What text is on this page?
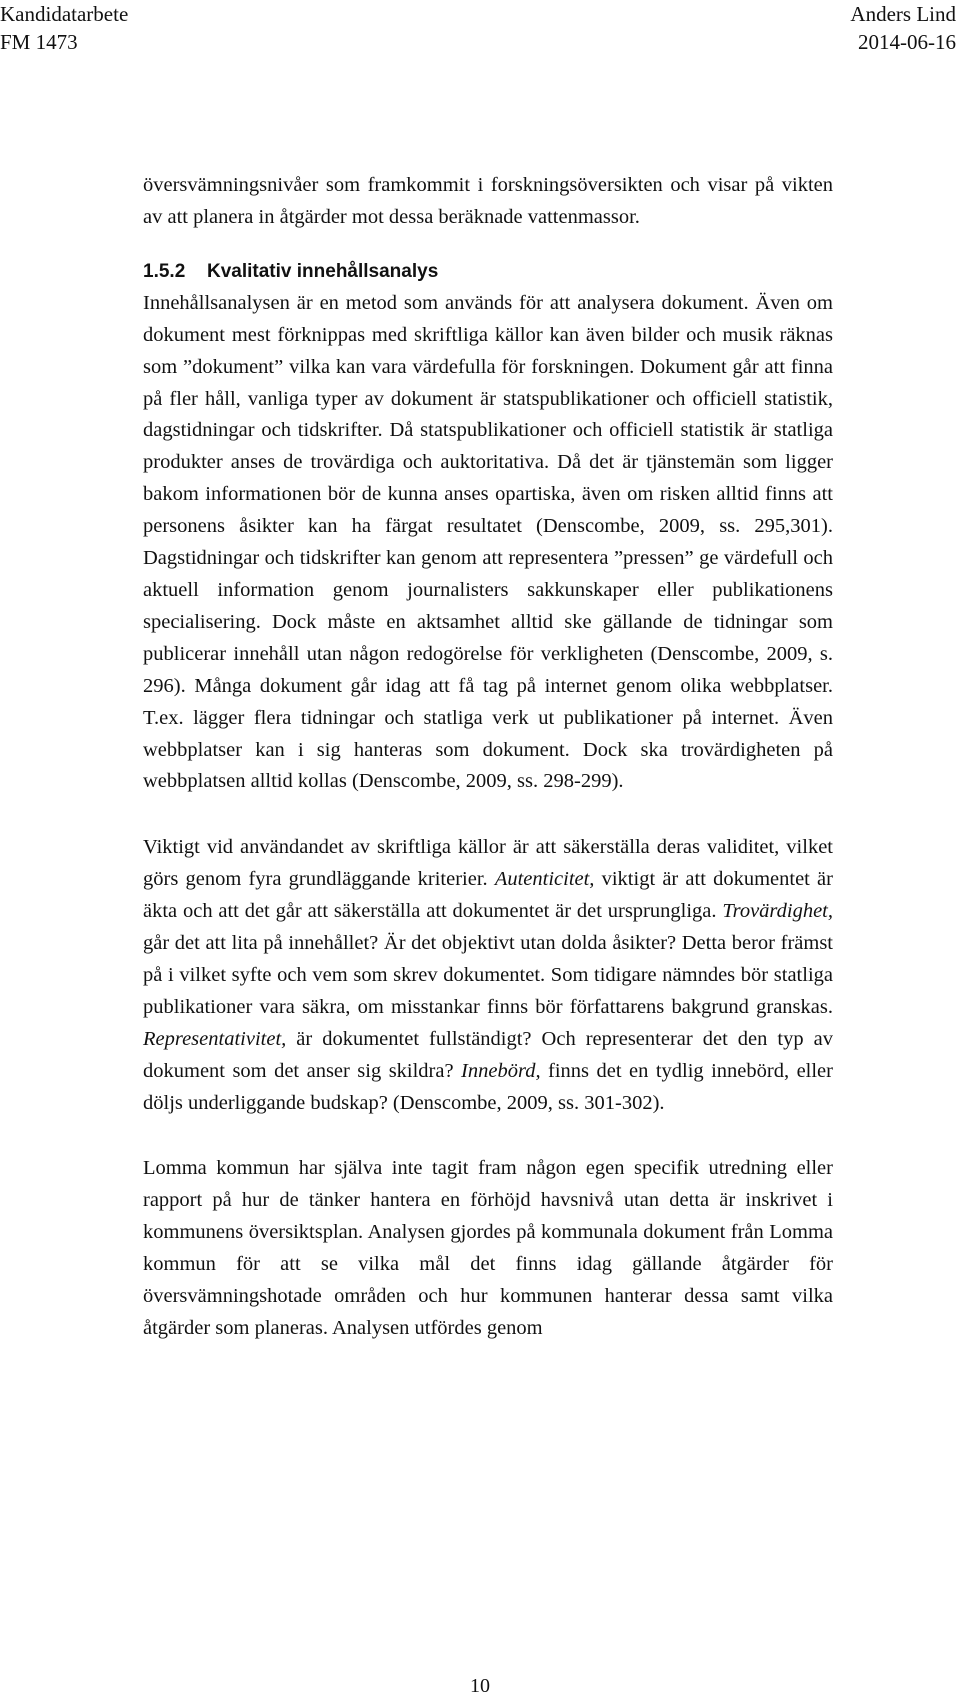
Kandidatarbete
FM 1473
Anders Lind
2014-06-16

översvämningsnivåer som framkommit i forskningsöversikten och visar på vikten av att planera in åtgärder mot dessa beräknade vattenmassor.

1.5.2	Kvalitativ innehållsanalys

Innehållsanalysen är en metod som används för att analysera dokument. Även om dokument mest förknippas med skriftliga källor kan även bilder och musik räknas som ”dokument” vilka kan vara värdefulla för forskningen. Dokument går att finna på fler håll, vanliga typer av dokument är statspublikationer och officiell statistik, dagstidningar och tidskrifter. Då statspublikationer och officiell statistik är statliga produkter anses de trovärdiga och auktoritativa. Då det är tjänstemän som ligger bakom informationen bör de kunna anses opartiska, även om risken alltid finns att personens åsikter kan ha färgat resultatet (Denscombe, 2009, ss. 295,301). Dagstidningar och tidskrifter kan genom att representera ”pressen” ge värdefull och aktuell information genom journalisters sakkunskaper eller publikationens specialisering. Dock måste en aktsamhet alltid ske gällande de tidningar som publicerar innehåll utan någon redogörelse för verkligheten (Denscombe, 2009, s. 296). Många dokument går idag att få tag på internet genom olika webbplatser. T.ex. lägger flera tidningar och statliga verk ut publikationer på internet. Även webbplatser kan i sig hanteras som dokument. Dock ska trovärdigheten på webbplatsen alltid kollas (Denscombe, 2009, ss. 298-299).

Viktigt vid användandet av skriftliga källor är att säkerställa deras validitet, vilket görs genom fyra grundläggande kriterier. Autenticitet, viktigt är att dokumentet är äkta och att det går att säkerställa att dokumentet är det ursprungliga. Trovärdighet, går det att lita på innehållet? Är det objektivt utan dolda åsikter? Detta beror främst på i vilket syfte och vem som skrev dokumentet. Som tidigare nämndes bör statliga publikationer vara säkra, om misstankar finns bör författarens bakgrund granskas. Representativitet, är dokumentet fullständigt? Och representerar det den typ av dokument som det anser sig skildra? Innebörd, finns det en tydlig innebörd, eller döljs underliggande budskap? (Denscombe, 2009, ss. 301-302).

Lomma kommun har själva inte tagit fram någon egen specifik utredning eller rapport på hur de tänker hantera en förhöjd havsnivå utan detta är inskrivet i kommunens översiktsplan. Analysen gjordes på kommunala dokument från Lomma kommun för att se vilka mål det finns idag gällande åtgärder för översvämningshotade områden och hur kommunen hanterar dessa samt vilka åtgärder som planeras. Analysen utfördes genom

10
